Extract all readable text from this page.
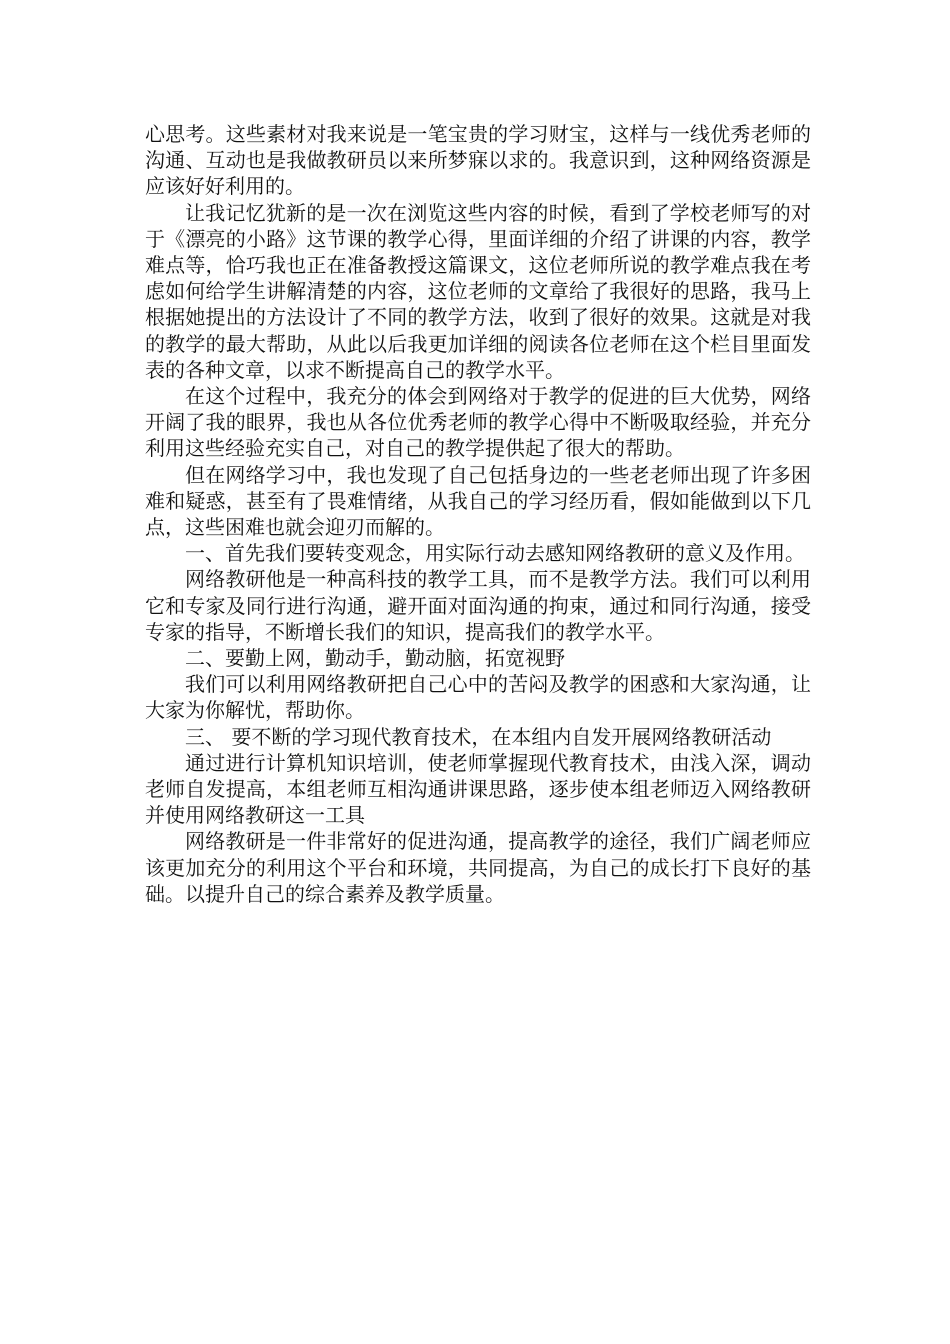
心思考。这些素材对我来说是一笔宝贵的学习财宝，这样与一线优秀老师的沟通、互动也是我做教研员以来所梦寐以求的。我意识到，这种网络资源是应该好好利用的。

让我记忆犹新的是一次在浏览这些内容的时候，看到了学校老师写的对于《漂亮的小路》这节课的教学心得，里面详细的介绍了讲课的内容，教学难点等，恰巧我也正在准备教授这篇课文，这位老师所说的教学难点我在考虑如何给学生讲解清楚的内容，这位老师的文章给了我很好的思路，我马上根据她提出的方法设计了不同的教学方法，收到了很好的效果。这就是对我的教学的最大帮助，从此以后我更加详细的阅读各位老师在这个栏目里面发表的各种文章，以求不断提高自己的教学水平。

在这个过程中，我充分的体会到网络对于教学的促进的巨大优势，网络开阔了我的眼界，我也从各位优秀老师的教学心得中不断吸取经验，并充分利用这些经验充实自己，对自己的教学提供起了很大的帮助。

但在网络学习中，我也发现了自己包括身边的一些老老师出现了许多困难和疑惑，甚至有了畏难情绪，从我自己的学习经历看，假如能做到以下几点，这些困难也就会迎刃而解的。

一、首先我们要转变观念，用实际行动去感知网络教研的意义及作用。

网络教研他是一种高科技的教学工具，而不是教学方法。我们可以利用它和专家及同行进行沟通，避开面对面沟通的拘束，通过和同行沟通，接受专家的指导，不断增长我们的知识，提高我们的教学水平。

二、要勤上网，勤动手，勤动脑，拓宽视野

我们可以利用网络教研把自己心中的苦闷及教学的困惑和大家沟通，让大家为你解忧，帮助你。

三、 要不断的学习现代教育技术，在本组内自发开展网络教研活动

通过进行计算机知识培训，使老师掌握现代教育技术，由浅入深，调动老师自发提高，本组老师互相沟通讲课思路，逐步使本组老师迈入网络教研并使用网络教研这一工具

网络教研是一件非常好的促进沟通，提高教学的途径，我们广阔老师应该更加充分的利用这个平台和环境，共同提高，为自己的成长打下良好的基础。以提升自己的综合素养及教学质量。
